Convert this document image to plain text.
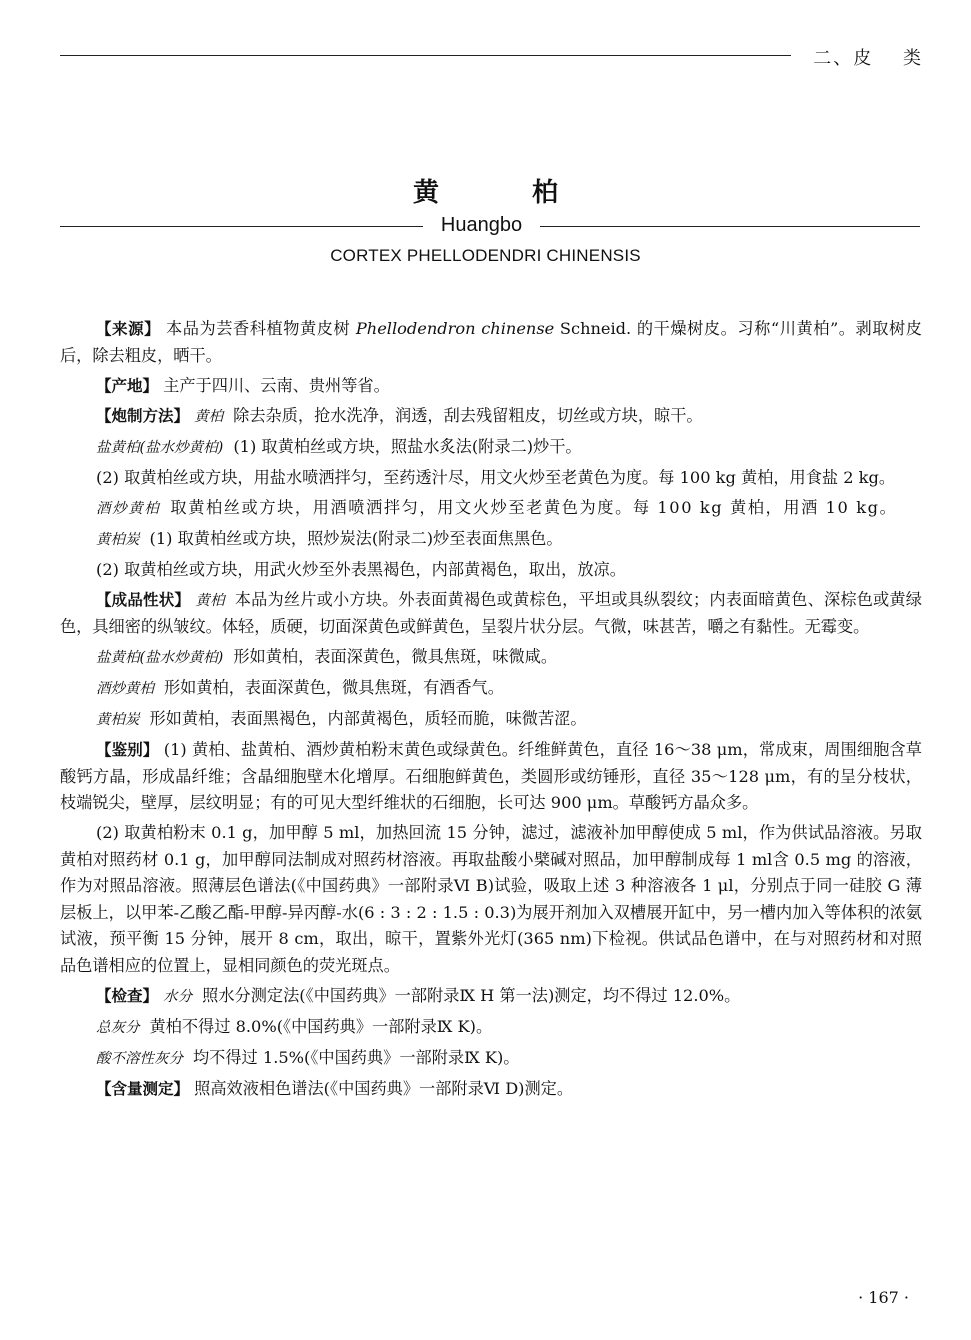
二、皮 类
黄 柏
Huangbo
CORTEX PHELLODENDRI CHINENSIS

【来源】 本品为芸香科植物黄皮树 Phellodendron chinense Schneid. 的干燥树皮。习称“川黄柏”。剥取树皮后，除去粗皮，晒干。

【产地】 主产于四川、云南、贵州等省。

【炮制方法】 黄柏 除去杂质，抢水洗净，润透，刮去残留粗皮，切丝或方块，晾干。

盐黄柏(盐水炒黄柏) (1) 取黄柏丝或方块，照盐水炙法(附录二)炒干。

(2) 取黄柏丝或方块，用盐水喷洒拌匀，至药透汁尽，用文火炒至老黄色为度。每 100 kg 黄柏，用食盐 2 kg。

酒炒黄柏 取黄柏丝或方块，用酒喷洒拌匀，用文火炒至老黄色为度。每 100 kg 黄柏，用酒 10 kg。

黄柏炭 (1) 取黄柏丝或方块，照炒炭法(附录二)炒至表面焦黑色。

(2) 取黄柏丝或方块，用武火炒至外表黑褐色，内部黄褐色，取出，放凉。

【成品性状】 黄柏 本品为丝片或小方块。外表面黄褐色或黄棕色，平坦或具纵裂纹；内表面暗黄色、深棕色或黄绿色，具细密的纵皱纹。体轻，质硬，切面深黄色或鲜黄色，呈裂片状分层。气微，味甚苦，嚼之有黏性。无霉变。

盐黄柏(盐水炒黄柏) 形如黄柏，表面深黄色，微具焦斑，味微咸。

酒炒黄柏 形如黄柏，表面深黄色，微具焦斑，有酒香气。

黄柏炭 形如黄柏，表面黑褐色，内部黄褐色，质轻而脆，味微苦涩。

【鉴别】 (1) 黄柏、盐黄柏、酒炒黄柏粉末黄色或绿黄色。纤维鲜黄色，直径 16～38 μm，常成束，周围细胞含草酸钙方晶，形成晶纤维；含晶细胞壁木化增厚。石细胞鲜黄色，类圆形或纺锤形，直径 35～128 μm，有的呈分枝状，枝端锐尖，壁厚，层纹明显；有的可见大型纤维状的石细胞，长可达 900 μm。草酸钙方晶众多。

(2) 取黄柏粉末 0.1 g，加甲醇 5 ml，加热回流 15 分钟，滤过，滤液补加甲醇使成 5 ml，作为供试品溶液。另取黄柏对照药材 0.1 g，加甲醇同法制成对照药材溶液。再取盐酸小檗碱对照品，加甲醇制成每 1 ml含 0.5 mg 的溶液，作为对照品溶液。照薄层色谱法(《中国药典》一部附录Ⅵ B)试验，吸取上述 3 种溶液各 1 μl，分别点于同一硅胶 G 薄层板上，以甲苯-乙酸乙酯-甲醇-异丙醇-水(6 : 3 : 2 : 1.5 : 0.3)为展开剂加入双槽展开缸中，另一槽内加入等体积的浓氨试液，预平衡 15 分钟，展开 8 cm，取出，晾干，置紫外光灯(365 nm)下检视。供试品色谱中，在与对照药材和对照品色谱相应的位置上，显相同颜色的荧光斑点。

【检查】 水分 照水分测定法(《中国药典》一部附录Ⅸ H 第一法)测定，均不得过 12.0%。

总灰分 黄柏不得过 8.0%(《中国药典》一部附录Ⅸ K)。

酸不溶性灰分 均不得过 1.5%(《中国药典》一部附录Ⅸ K)。

【含量测定】 照高效液相色谱法(《中国药典》一部附录Ⅵ D)测定。

· 167 ·
